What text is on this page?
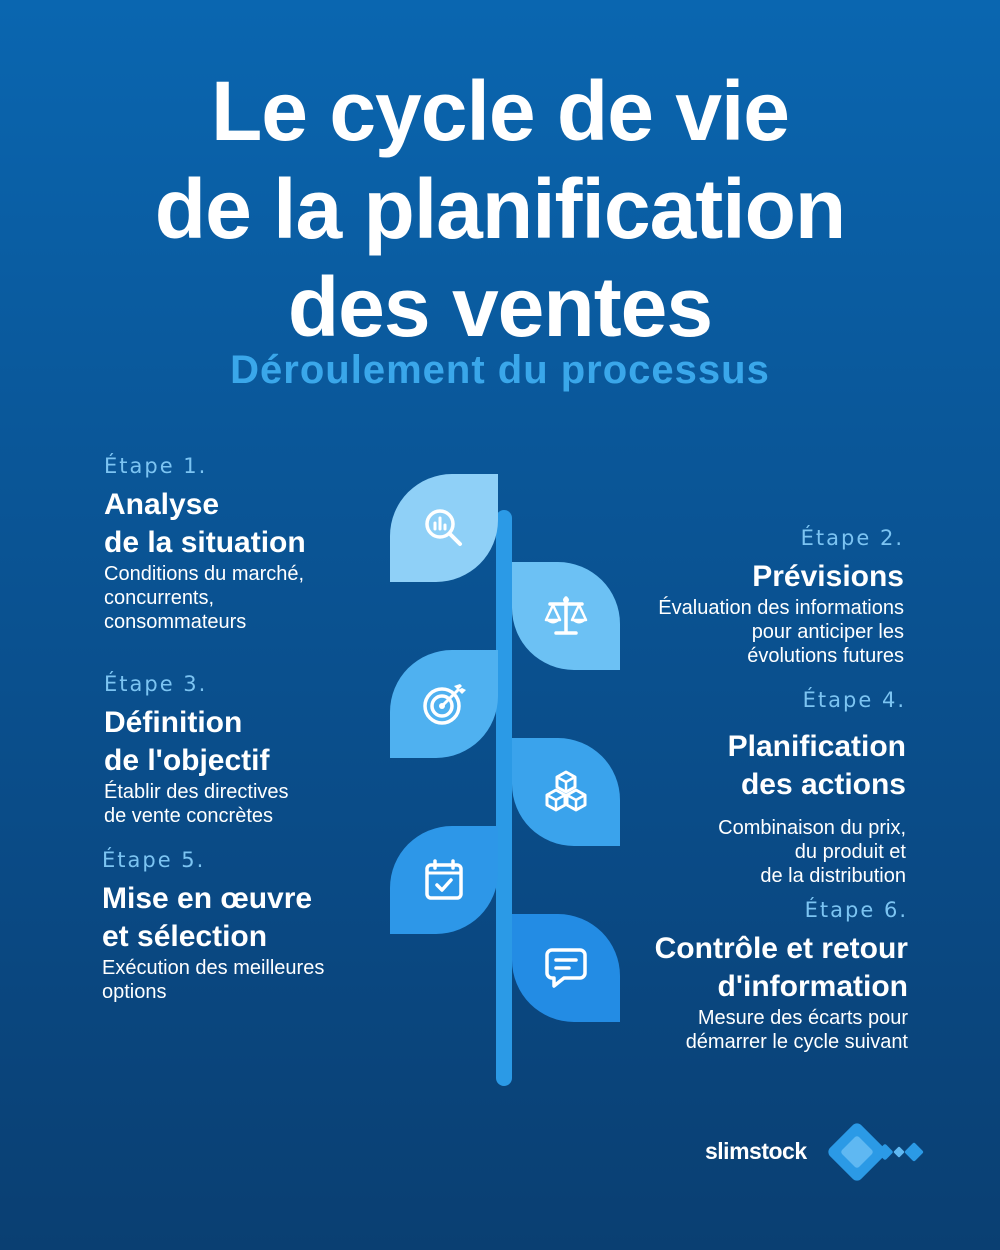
Le cycle de vie
de la planification
des ventes
Déroulement du processus
Étape 1.
Analyse
de la situation
Conditions du marché,
concurrents,
consommateurs
Étape 2.
Prévisions
Évaluation des informations
pour anticiper les
évolutions futures
Étape 3.
Définition
de l'objectif
Établir des directives
de vente concrètes
Étape 4.
Planification
des actions
Combinaison du prix,
du produit et
de la distribution
Étape 5.
Mise en œuvre
et sélection
Exécution des meilleures
options
Étape 6.
Contrôle et retour
d'information
Mesure des écarts pour
démarrer le cycle suivant
slimstock
